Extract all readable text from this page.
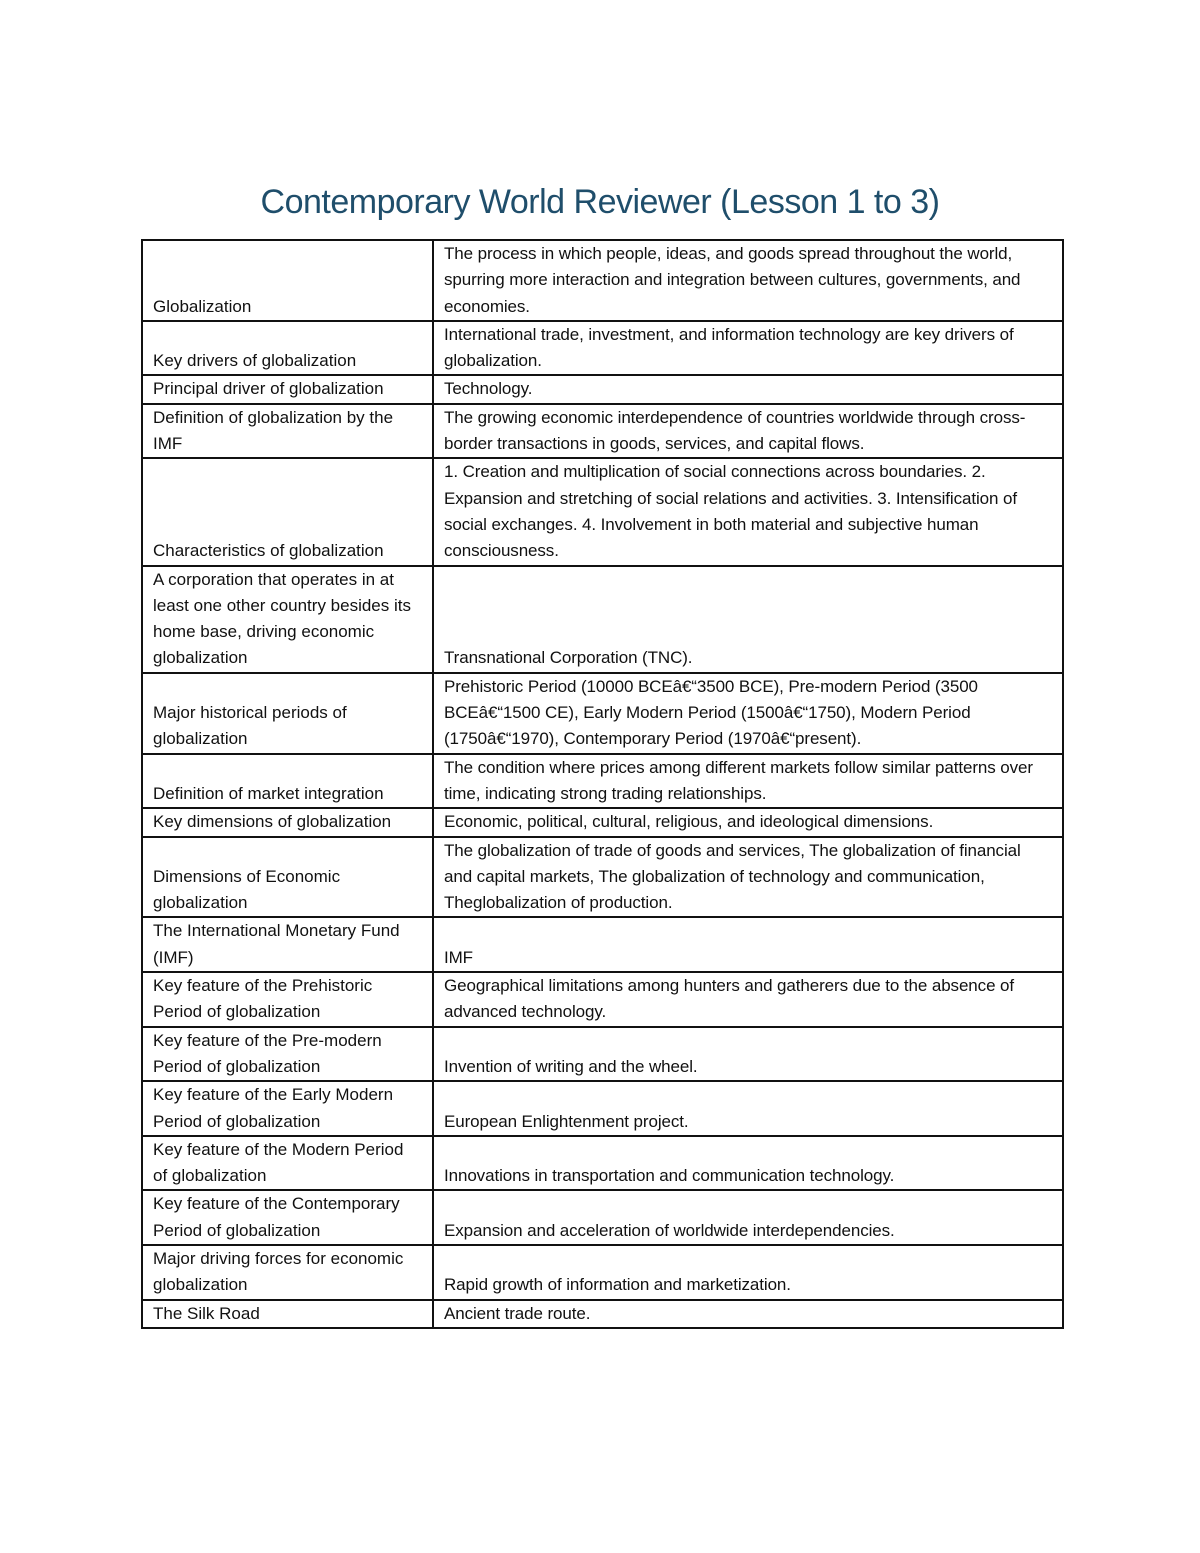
Contemporary World Reviewer (Lesson 1 to 3)
Globalization	The process in which people, ideas, and goods spread throughout the world, spurring more interaction and integration between cultures, governments, and economies.
Key drivers of globalization	International trade, investment, and information technology are key drivers of globalization.
Principal driver of globalization	Technology.
Definition of globalization by the IMF	The growing economic interdependence of countries worldwide through cross-border transactions in goods, services, and capital flows.
Characteristics of globalization	1. Creation and multiplication of social connections across boundaries. 2. Expansion and stretching of social relations and activities. 3. Intensification of social exchanges. 4. Involvement in both material and subjective human consciousness.
A corporation that operates in at least one other country besides its home base, driving economic globalization	Transnational Corporation (TNC).
Major historical periods of globalization	Prehistoric Period (10000 BCEâ€“3500 BCE), Pre-modern Period (3500 BCEâ€“1500 CE), Early Modern Period (1500â€“1750), Modern Period (1750â€“1970), Contemporary Period (1970â€“present).
Definition of market integration	The condition where prices among different markets follow similar patterns over time, indicating strong trading relationships.
Key dimensions of globalization	Economic, political, cultural, religious, and ideological dimensions.
Dimensions of Economic globalization	The globalization of trade of goods and services, The globalization of financial and capital markets, The globalization of technology and communication, Theglobalization of production.
The International Monetary Fund (IMF)	IMF
Key feature of the Prehistoric Period of globalization	Geographical limitations among hunters and gatherers due to the absence of advanced technology.
Key feature of the Pre-modern Period of globalization	Invention of writing and the wheel.
Key feature of the Early Modern Period of globalization	European Enlightenment project.
Key feature of the Modern Period of globalization	Innovations in transportation and communication technology.
Key feature of the Contemporary Period of globalization	Expansion and acceleration of worldwide interdependencies.
Major driving forces for economic globalization	Rapid growth of information and marketization.
The Silk Road	Ancient trade route.
